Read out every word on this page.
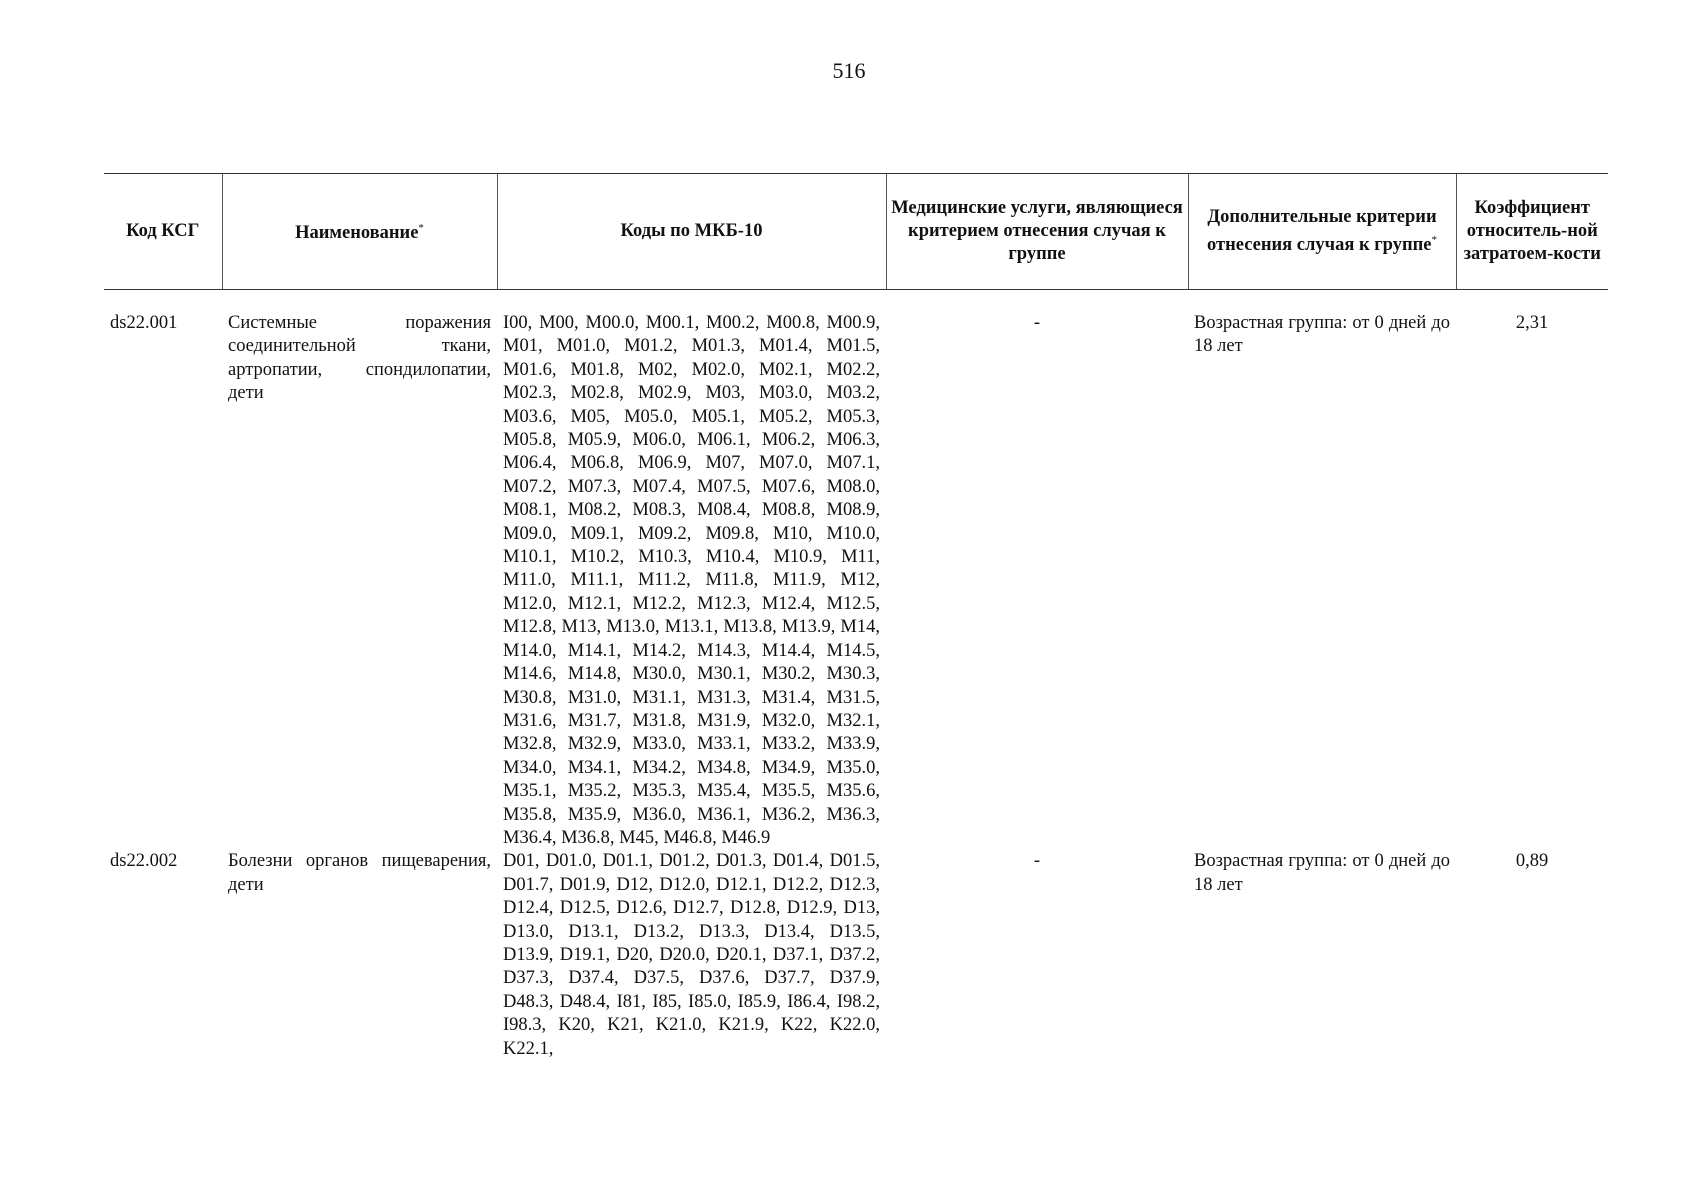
516
Код КСГ	Наименование*	Коды по МКБ-10	Медицинские услуги, являющиеся критерием отнесения случая к группе	Дополнительные критерии отнесения случая к группе*	Коэффициент относитель-ной затратоем-кости

ds22.001	Системные поражения соединительной ткани, артропатии, спондилопатии, дети	I00, M00, M00.0, M00.1, M00.2, M00.8, M00.9, M01, M01.0, M01.2, M01.3, M01.4, M01.5, M01.6, M01.8, M02, M02.0, M02.1, M02.2, M02.3, M02.8, M02.9, M03, M03.0, M03.2, M03.6, M05, M05.0, M05.1, M05.2, M05.3, M05.8, M05.9, M06.0, M06.1, M06.2, M06.3, M06.4, M06.8, M06.9, M07, M07.0, M07.1, M07.2, M07.3, M07.4, M07.5, M07.6, M08.0, M08.1, M08.2, M08.3, M08.4, M08.8, M08.9, M09.0, M09.1, M09.2, M09.8, M10, M10.0, M10.1, M10.2, M10.3, M10.4, M10.9, M11, M11.0, M11.1, M11.2, M11.8, M11.9, M12, M12.0, M12.1, M12.2, M12.3, M12.4, M12.5, M12.8, M13, M13.0, M13.1, M13.8, M13.9, M14, M14.0, M14.1, M14.2, M14.3, M14.4, M14.5, M14.6, M14.8, M30.0, M30.1, M30.2, M30.3, M30.8, M31.0, M31.1, M31.3, M31.4, M31.5, M31.6, M31.7, M31.8, M31.9, M32.0, M32.1, M32.8, M32.9, M33.0, M33.1, M33.2, M33.9, M34.0, M34.1, M34.2, M34.8, M34.9, M35.0, M35.1, M35.2, M35.3, M35.4, M35.5, M35.6, M35.8, M35.9, M36.0, M36.1, M36.2, M36.3, M36.4, M36.8, M45, M46.8, M46.9	-	Возрастная группа: от 0 дней до 18 лет	2,31
ds22.002	Болезни органов пищеварения, дети	D01, D01.0, D01.1, D01.2, D01.3, D01.4, D01.5, D01.7, D01.9, D12, D12.0, D12.1, D12.2, D12.3, D12.4, D12.5, D12.6, D12.7, D12.8, D12.9, D13, D13.0, D13.1, D13.2, D13.3, D13.4, D13.5, D13.9, D19.1, D20, D20.0, D20.1, D37.1, D37.2, D37.3, D37.4, D37.5, D37.6, D37.7, D37.9, D48.3, D48.4, I81, I85, I85.0, I85.9, I86.4, I98.2, I98.3, K20, K21, K21.0, K21.9, K22, K22.0, K22.1,	-	Возрастная группа: от 0 дней до 18 лет	0,89
